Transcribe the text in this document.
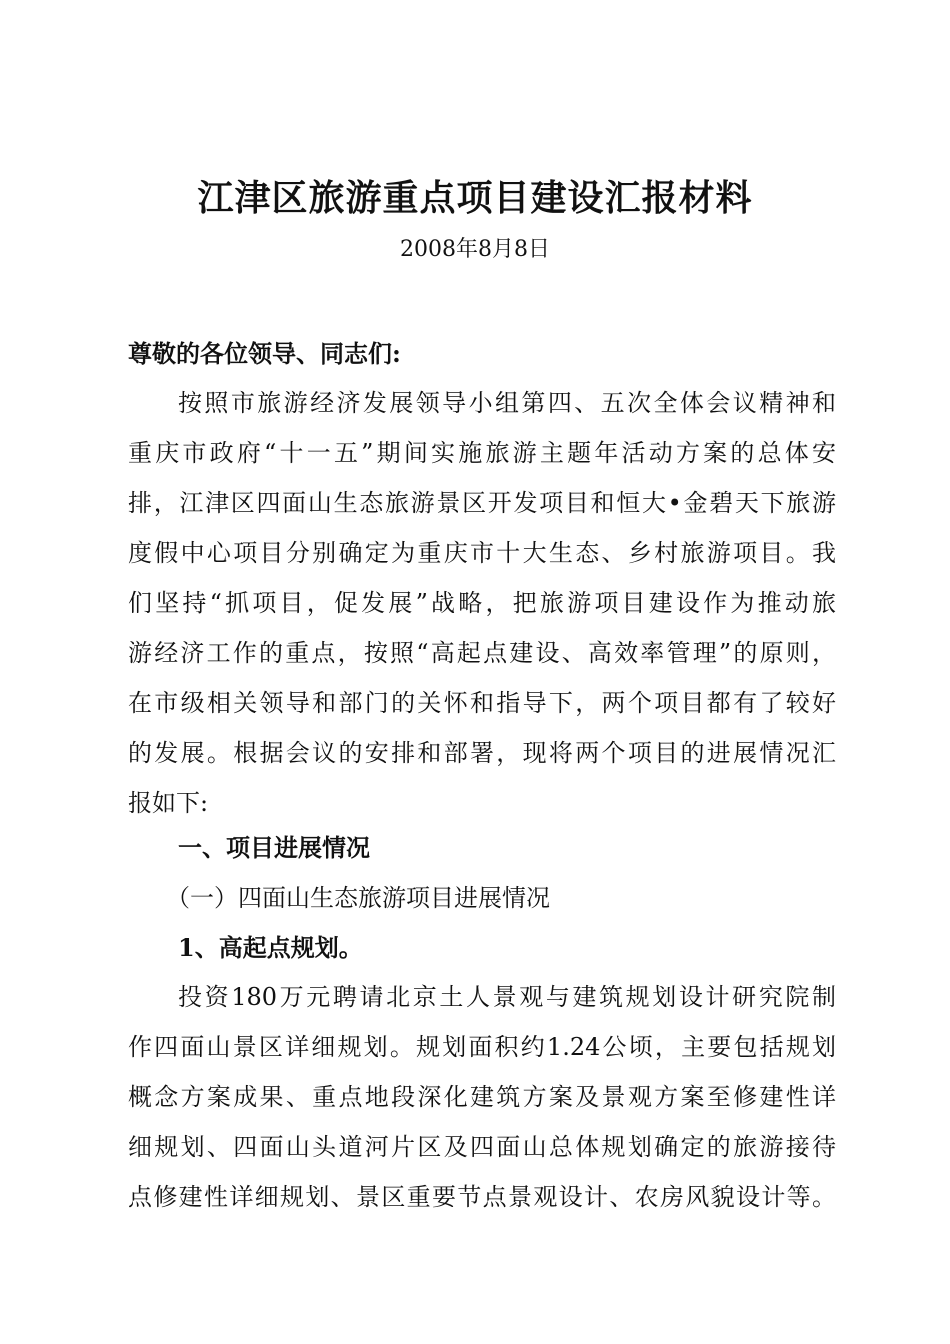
江津区旅游重点项目建设汇报材料
2008年8月8日
尊敬的各位领导、同志们:
按照市旅游经济发展领导小组第四、五次全体会议精神和
重庆市政府“十一五”期间实施旅游主题年活动方案的总体安
排，江津区四面山生态旅游景区开发项目和恒大•金碧天下旅游
度假中心项目分别确定为重庆市十大生态、乡村旅游项目。我
们坚持“抓项目，促发展”战略，把旅游项目建设作为推动旅
游经济工作的重点，按照“高起点建设、高效率管理”的原则，
在市级相关领导和部门的关怀和指导下，两个项目都有了较好
的发展。根据会议的安排和部署，现将两个项目的进展情况汇
报如下:
一、项目进展情况
（一）四面山生态旅游项目进展情况
1、高起点规划。
投资180万元聘请北京土人景观与建筑规划设计研究院制
作四面山景区详细规划。规划面积约1.24公顷，主要包括规划
概念方案成果、重点地段深化建筑方案及景观方案至修建性详
细规划、四面山头道河片区及四面山总体规划确定的旅游接待
点修建性详细规划、景区重要节点景观设计、农房风貌设计等。
